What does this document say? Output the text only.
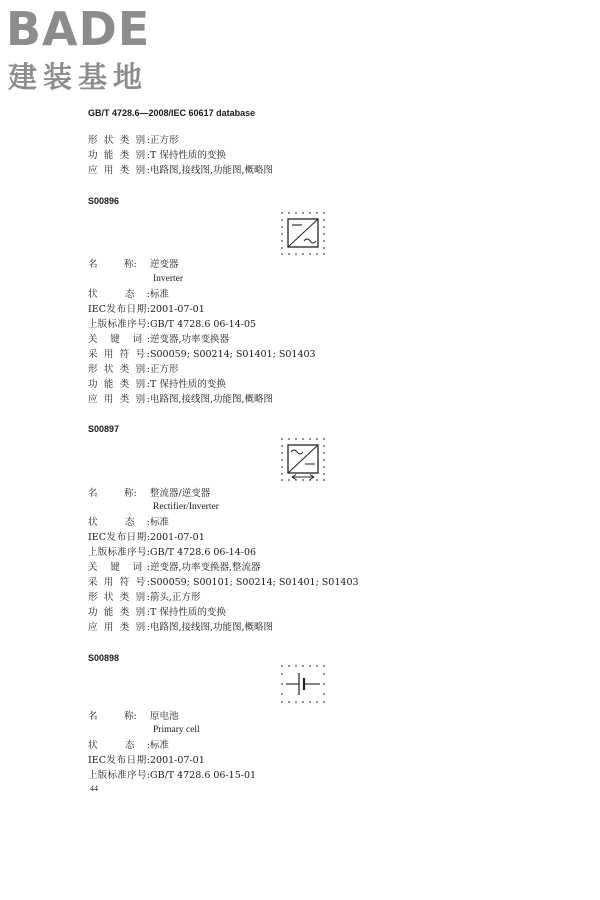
BADE
建装基地
GB/T 4728.6—2008/IEC 60617 database
形 状 类 别:正方形
功 能 类 别:T 保持性质的变换
应 用 类 别:电路图,接线图,功能图,概略图
S00896
名	称: 逆变器
Inverter
状 态:标准
IEC发布日期:2001-07-01
上版标准序号:GB/T 4728.6 06-14-05
关 键 词:逆变器,功率变换器
采 用 符 号:S00059; S00214; S01401; S01403
形 状 类 别:正方形
功 能 类 别:T 保持性质的变换
应 用 类 别:电路图,接线图,功能图,概略图
S00897
名	称: 整流器/逆变器
Rectifier/Inverter
状 态:标准
IEC发布日期:2001-07-01
上版标准序号:GB/T 4728.6 06-14-06
关 键 词:逆变器,功率变换器,整流器
采 用 符 号:S00059; S00101; S00214; S01401; S01403
形 状 类 别:箭头,正方形
功 能 类 别:T 保持性质的变换
应 用 类 别:电路图,接线图,功能图,概略图
S00898
名	称: 原电池
Primary cell
状 态:标准
IEC发布日期:2001-07-01
上版标准序号:GB/T 4728.6 06-15-01
44
